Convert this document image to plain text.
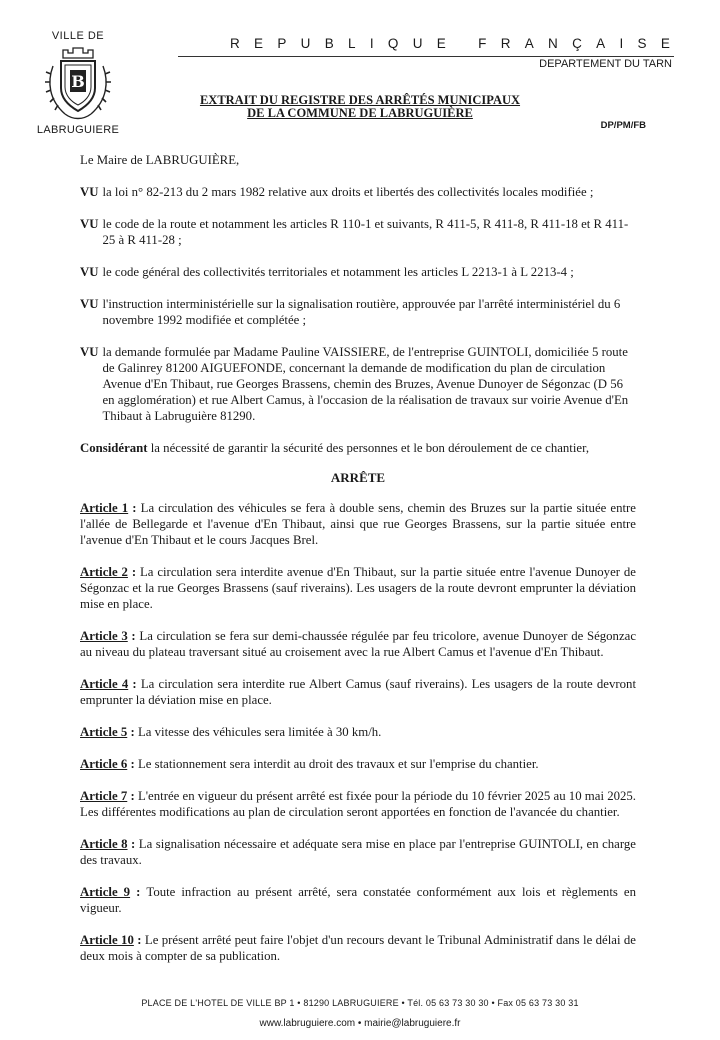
VILLE DE
B
LABRUGUIERE
R E P U B L I Q U E
F R A N Ç A I S E
DEPARTEMENT DU TARN
EXTRAIT DU REGISTRE DES ARRÊTÉS MUNICIPAUX
DE LA COMMUNE DE LABRUGUIÈRE
DP/PM/FB

Le Maire de LABRUGUIÈRE,

VU la loi n° 82-213 du 2 mars 1982 relative aux droits et libertés des collectivités locales modifiée ;
VU le code de la route et notamment les articles R 110-1 et suivants, R 411-5, R 411-8, R 411-18 et R 411-25 à R 411-28 ;
VU le code général des collectivités territoriales et notamment les articles L 2213-1 à L 2213-4 ;
VU l'instruction interministérielle sur la signalisation routière, approuvée par l'arrêté interministériel du 6 novembre 1992 modifiée et complétée ;
VU la demande formulée par Madame Pauline VAISSIERE, de l'entreprise GUINTOLI, domiciliée 5 route de Galinrey 81200 AIGUEFONDE, concernant la demande de modification du plan de circulation Avenue d'En Thibaut, rue Georges Brassens, chemin des Bruzes, Avenue Dunoyer de Ségonzac (D 56 en agglomération) et rue Albert Camus, à l'occasion de la réalisation de travaux sur voirie Avenue d'En Thibaut à Labruguière 81290.

Considérant la nécessité de garantir la sécurité des personnes et le bon déroulement de ce chantier,

ARRÊTE

Article 1 : La circulation des véhicules se fera à double sens, chemin des Bruzes sur la partie située entre l'allée de Bellegarde et l'avenue d'En Thibaut, ainsi que rue Georges Brassens, sur la partie située entre l'avenue d'En Thibaut et le cours Jacques Brel.

Article 2 : La circulation sera interdite avenue d'En Thibaut, sur la partie située entre l'avenue Dunoyer de Ségonzac et la rue Georges Brassens (sauf riverains). Les usagers de la route devront emprunter la déviation mise en place.

Article 3 : La circulation se fera sur demi-chaussée régulée par feu tricolore, avenue Dunoyer de Ségonzac au niveau du plateau traversant situé au croisement avec la rue Albert Camus et l'avenue d'En Thibaut.

Article 4 : La circulation sera interdite rue Albert Camus (sauf riverains). Les usagers de la route devront emprunter la déviation mise en place.

Article 5 : La vitesse des véhicules sera limitée à 30 km/h.

Article 6 : Le stationnement sera interdit au droit des travaux et sur l'emprise du chantier.

Article 7 : L'entrée en vigueur du présent arrêté est fixée pour la période du 10 février 2025 au 10 mai 2025. Les différentes modifications au plan de circulation seront apportées en fonction de l'avancée du chantier.

Article 8 : La signalisation nécessaire et adéquate sera mise en place par l'entreprise GUINTOLI, en charge des travaux.

Article 9 : Toute infraction au présent arrêté, sera constatée conformément aux lois et règlements en vigueur.

Article 10 : Le présent arrêté peut faire l'objet d'un recours devant le Tribunal Administratif dans le délai de deux mois à compter de sa publication.

PLACE DE L'HOTEL DE VILLE BP 1 • 81290 LABRUGUIERE • Tél. 05 63 73 30 30 • Fax 05 63 73 30 31
www.labruguiere.com • mairie@labruguiere.fr
